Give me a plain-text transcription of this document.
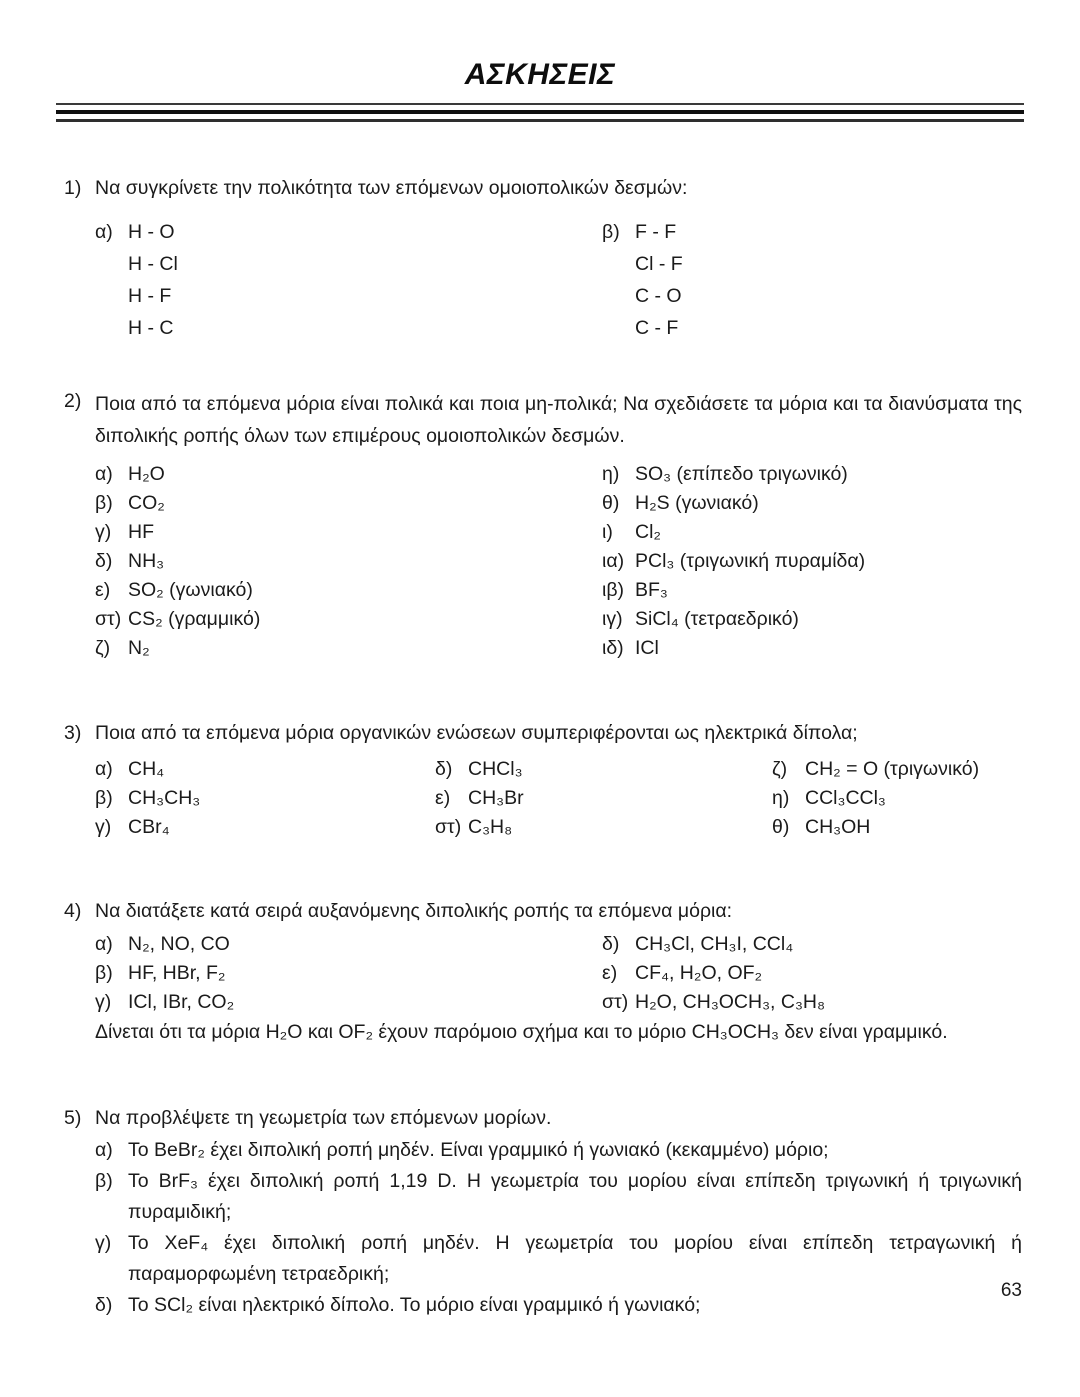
ΑΣΚΗΣΕΙΣ
1) Να συγκρίνετε την πολικότητα των επόμενων ομοιοπολικών δεσμών:
α) H - O
H - Cl
H - F
H - C
β) F - F
Cl - F
C - O
C - F
2) Ποια από τα επόμενα μόρια είναι πολικά και ποια μη-πολικά; Να σχεδιάσετε τα μόρια και τα διανύσματα της διπολικής ροπής όλων των επιμέρους ομοιοπολικών δεσμών.
α) H₂O
β) CO₂
γ) HF
δ) NH₃
ε) SO₂ (γωνιακό)
στ) CS₂ (γραμμικό)
ζ) N₂
η) SO₃ (επίπεδο τριγωνικό)
θ) H₂S (γωνιακό)
ι)	Cl₂
ια) PCl₃ (τριγωνική πυραμίδα)
ιβ) BF₃
ιγ) SiCl₄ (τετραεδρικό)
ιδ) ICl
3) Ποια από τα επόμενα μόρια οργανικών ενώσεων συμπεριφέρονται ως ηλεκτρικά δίπολα;
α) CH₄
β) CH₃CH₃
γ) CBr₄
δ) CHCl₃
ε) CH₃Br
στ) C₃H₈
ζ) CH₂ = O (τριγωνικό)
η) CCl₃CCl₃
θ) CH₃OH
4) Να διατάξετε κατά σειρά αυξανόμενης διπολικής ροπής τα επόμενα μόρια:
α) N₂, NO, CO
β) HF, HBr, F₂
γ) ICl, IBr, CO₂
δ) CH₃Cl, CH₃I, CCl₄
ε) CF₄, H₂O, OF₂
στ) H₂O, CH₃OCH₃, C₃H₈
Δίνεται ότι τα μόρια H₂O και OF₂ έχουν παρόμοιο σχήμα και το μόριο CH₃OCH₃ δεν είναι γραμμικό.
5) Να προβλέψετε τη γεωμετρία των επόμενων μορίων.
α) Το BeBr₂ έχει διπολική ροπή μηδέν. Είναι γραμμικό ή γωνιακό (κεκαμμένο) μόριο;
β) Το BrF₃ έχει διπολική ροπή 1,19 D. Η γεωμετρία του μορίου είναι επίπεδη τριγωνική ή τριγωνική πυραμιδική;
γ) Το XeF₄ έχει διπολική ροπή μηδέν. Η γεωμετρία του μορίου είναι επίπεδη τετραγωνική ή παραμορφωμένη τετραεδρική;
δ) Το SCl₂ είναι ηλεκτρικό δίπολο. Το μόριο είναι γραμμικό ή γωνιακό;
63
